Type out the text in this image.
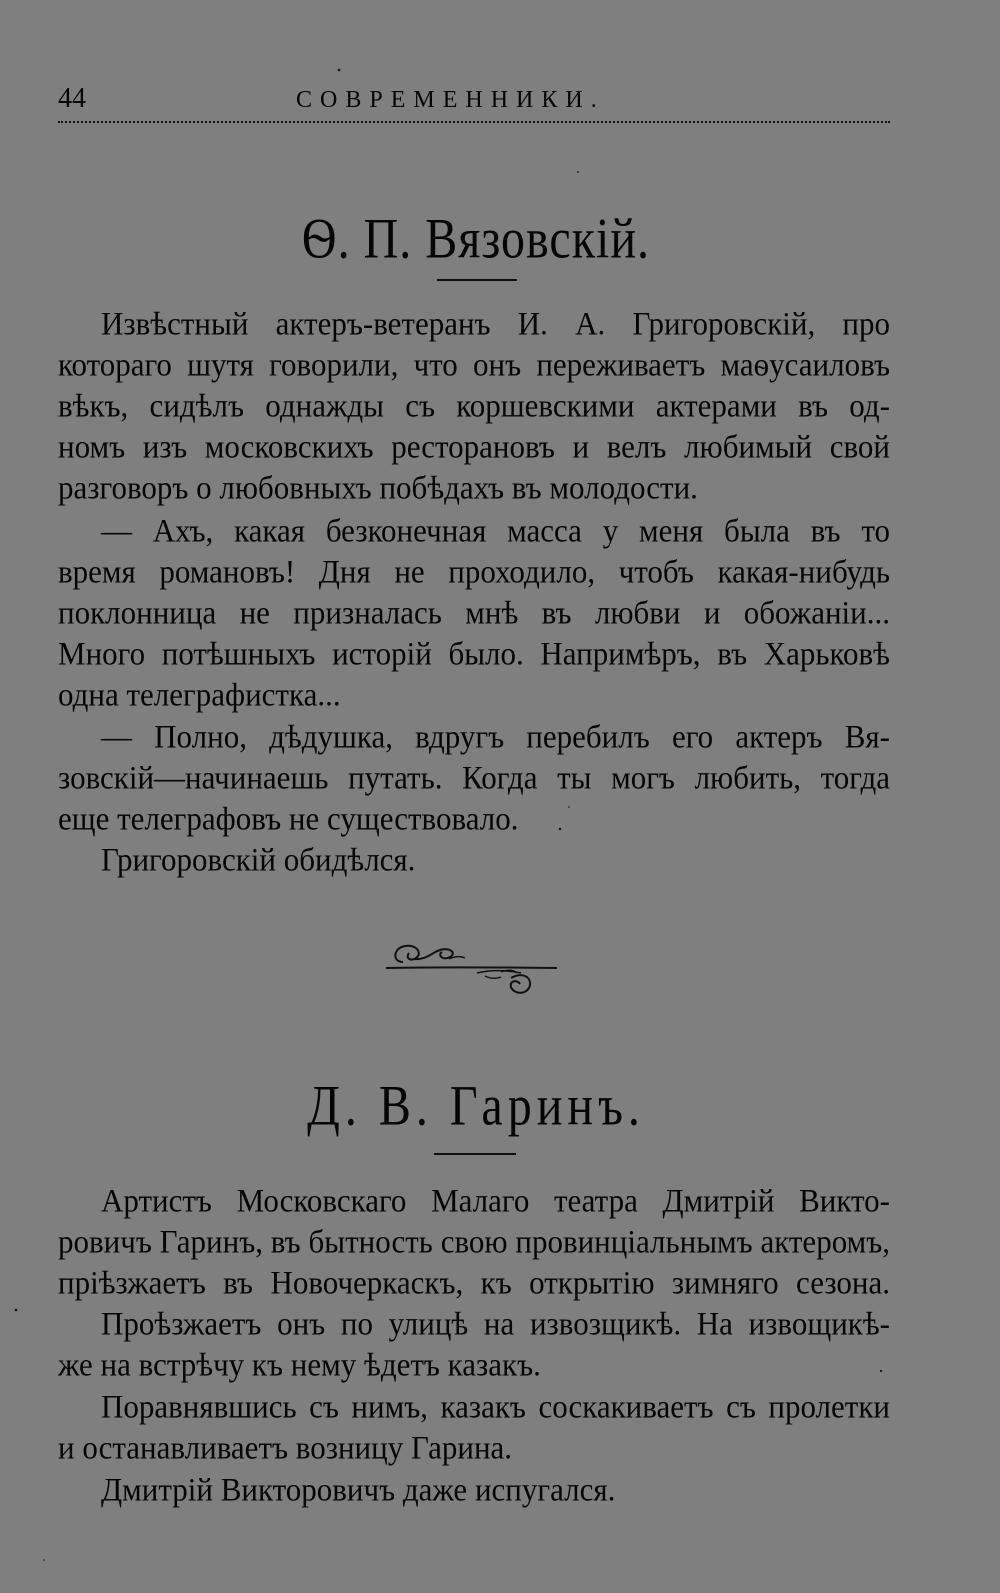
44	СОВРЕМЕННИКИ.
Ѳ. П. Вязовскій.
Извѣстный актеръ-ветеранъ И. А. Григоровскій, про
котораго шутя говорили, что онъ переживаетъ маѳусаиловъ
вѣкъ, сидѣлъ однажды съ коршевскими актерами въ од-
номъ изъ московскихъ ресторановъ и велъ любимый свой
разговоръ о любовныхъ побѣдахъ въ молодости.
— Ахъ, какая безконечная масса у меня была въ то
время романовъ! Дня не проходило, чтобъ какая-нибудь
поклонница не призналась мнѣ въ любви и обожаніи...
Много потѣшныхъ исторій было. Напримѣръ, въ Харьковѣ
одна телеграфистка...
— Полно, дѣдушка, вдругъ перебилъ его актеръ Вя-
зовскій—начинаешь путать. Когда ты могъ любить, тогда
еще телеграфовъ не существовало.
Григоровскій обидѣлся.
Д. В. Гаринъ.
Артистъ Московскаго Малаго театра Дмитрій Викто-
ровичъ Гаринъ, въ бытность свою провинціальнымъ актеромъ,
пріѣзжаетъ въ Новочеркаскъ, къ открытію зимняго сезона.
Проѣзжаетъ онъ по улицѣ на извозщикѣ. На извощикѣ-
же на встрѣчу къ нему ѣдетъ казакъ.
Поравнявшись съ нимъ, казакъ соскакиваетъ съ пролетки
и останавливаетъ возницу Гарина.
Дмитрій Викторовичъ даже испугался.
